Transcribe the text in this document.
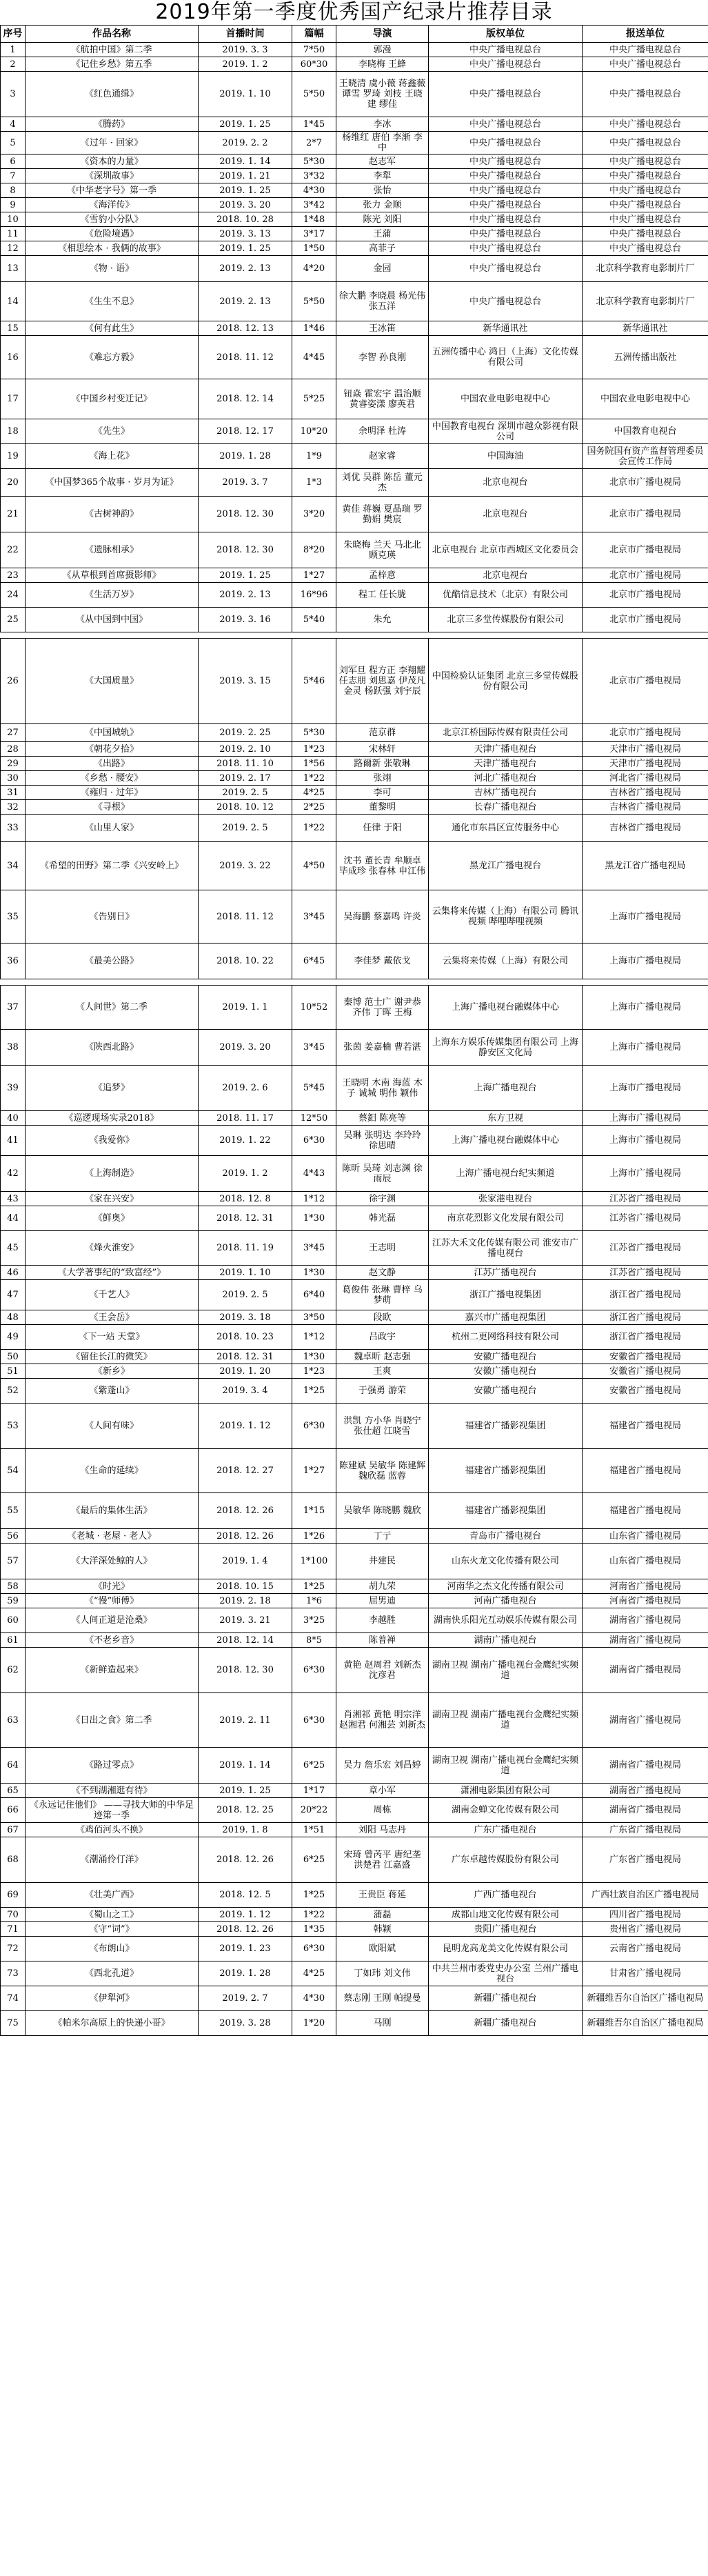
2019年第一季度优秀国产纪录片推荐目录
序号	作品名称	首播时间	篇幅	导演	版权单位	报送单位
1	《航拍中国》第二季	2019. 3. 3	7*50	郭漫	中央广播电视总台	中央广播电视总台
2	《记住乡愁》第五季	2019. 1. 2	60*30	李晓梅 王蜂	中央广播电视总台	中央广播电视总台
3	《红色通缉》	2019. 1. 10	5*50	王晓清 虞小薇 蒋鑫薇 谭雪 罗琦 刘枝 王晓建 缪佳	中央广播电视总台	中央广播电视总台
4	《腾药》	2019. 1. 25	1*45	李冰	中央广播电视总台	中央广播电视总台
5	《过年 · 回家》	2019. 2. 2	2*7	杨维红 唐伯 李渐 李中	中央广播电视总台	中央广播电视总台
6	《资本的力量》	2019. 1. 14	5*30	赵志军	中央广播电视总台	中央广播电视总台
7	《深圳故事》	2019. 1. 21	3*32	李犁	中央广播电视总台	中央广播电视总台
8	《中华老字号》第一季	2019. 1. 25	4*30	张怡	中央广播电视总台	中央广播电视总台
9	《海洋传》	2019. 3. 20	3*42	张力 金顺	中央广播电视总台	中央广播电视总台
10	《雪豹小分队》	2018. 10. 28	1*48	陈光 刘阳	中央广播电视总台	中央广播电视总台
11	《危险境遇》	2019. 3. 13	3*17	王蒲	中央广播电视总台	中央广播电视总台
12	《相思绘本 · 我俩的故事》	2019. 1. 25	1*50	高菲子	中央广播电视总台	中央广播电视总台
13	《物 · 语》	2019. 2. 13	4*20	金园	中央广播电视总台	北京科学教育电影制片厂
14	《生生不息》	2019. 2. 13	5*50	徐大鹏 李晓晨 杨光伟 张五洋	中央广播电视总台	北京科学教育电影制片厂
15	《何有此生》	2018. 12. 13	1*46	王冰笛	新华通讯社	新华通讯社
16	《难忘方毅》	2018. 11. 12	4*45	李智 孙良刚	五洲传播中心 鸿日（上海）文化传媒有限公司	五洲传播出版社
17	《中国乡村变迁记》	2018. 12. 14	5*25	钮焱 霍宏宇 温治顺 黄睿姿漾 廖英君	中国农业电影电视中心	中国农业电影电视中心
18	《先生》	2018. 12. 17	10*20	余明泽 杜涛	中国教育电视台 深圳市越众影视有限公司	中国教育电视台
19	《海上花》	2019. 1. 28	1*9	赵家睿	中国海油	国务院国有资产监督管理委员会宣传工作局
20	《中国梦365个故事 · 岁月为证》	2019. 3. 7	1*3	刘优 吴群 陈岳 董元杰	北京电视台	北京市广播电视局
21	《古树神韵》	2018. 12. 30	3*20	黄佳 蒋巍 夏晶瑞 罗勤娟 樊宸	北京电视台	北京市广播电视局
22	《遗脉相承》	2018. 12. 30	8*20	朱晓梅 兰天 马北北 顾克瑛	北京电视台 北京市西城区文化委员会	北京市广播电视局
23	《从草根到首席摄影师》	2019. 1. 25	1*27	孟梓意	北京电视台	北京市广播电视局
24	《生活万岁》	2019. 2. 13	16*96	程工 任长胧	优酷信息技术（北京）有限公司	北京市广播电视局
25	《从中国到中国》	2019. 3. 16	5*40	朱允	北京三多堂传媒股份有限公司	北京市广播电视局

26	《大国质量》	2019. 3. 15	5*46	刘军旦 程方正 李翔耀 任志朋 刘思嘉 伊茂凡 金灵 杨跃强 刘宇辰	中国检验认证集团 北京三多堂传媒股份有限公司	北京市广播电视局
27	《中国城轨》	2019. 2. 25	5*30	范京群	北京江桥国际传媒有限责任公司	北京市广播电视局
28	《朝花夕拾》	2019. 2. 10	1*23	宋林轩	天津广播电视台	天津市广播电视局
29	《出路》	2018. 11. 10	1*56	路爾新 张敬琳	天津广播电视台	天津市广播电视局
30	《乡愁 · 腰安》	2019. 2. 17	1*22	张翊	河北广播电视台	河北省广播电视局
31	《雍归 · 过年》	2019. 2. 5	4*25	李可	吉林广播电视台	吉林省广播电视局
32	《寻根》	2018. 10. 12	2*25	董黎明	长春广播电视台	吉林省广播电视局
33	《山里人家》	2019. 2. 5	1*22	任律 于阳	通化市东昌区宣传服务中心	吉林省广播电视局
34	《希望的田野》第二季《兴安岭上》	2019. 3. 22	4*50	沈书 董长青 牟顺卓 毕成珍 张春林 申江伟	黑龙江广播电视台	黑龙江省广播电视局
35	《告别日》	2018. 11. 12	3*45	吴海鹏 蔡嘉鸣 许炎	云集将来传媒（上海）有限公司 腾讯视频 哔哩哔哩视频	上海市广播电视局
36	《最美公路》	2018. 10. 22	6*45	李佳梦 戴依戈	云集将来传媒（上海）有限公司	上海市广播电视局

37	《人间世》第二季	2019. 1. 1	10*52	秦博 范士广 谢尹恭 齐伟 丁晖 王梅	上海广播电视台融媒体中心	上海市广播电视局
38	《陕西北路》	2019. 3. 20	3*45	张茵 姜嘉楠 曹若湛	上海东方娱乐传媒集团有限公司 上海静安区文化局	上海市广播电视局
39	《追梦》	2019. 2. 6	5*45	王晓明 木南 海蓝 木子 诚城 明伟 颖伟	上海广播电视台	上海市广播电视局
40	《巡逻现场实录2018》	2018. 11. 17	12*50	蔡鈤 陈亮等	东方卫视	上海市广播电视局
41	《我爱你》	2019. 1. 22	6*30	吴琳 张明达 李玲玲 徐思晴	上海广播电视台融媒体中心	上海市广播电视局
42	《上海制造》	2019. 1. 2	4*43	陈昕 吴琦 刘志渊 徐雨辰	上海广播电视台纪实频道	上海市广播电视局
43	《家在兴安》	2018. 12. 8	1*12	徐宇渊	张家港电视台	江苏省广播电视局
44	《鲜奥》	2018. 12. 31	1*30	韩光磊	南京花烈影文化发展有限公司	江苏省广播电视局
45	《烽火淮安》	2018. 11. 19	3*45	王志明	江苏大禾文化传媒有限公司 淮安市广播电视台	江苏省广播电视局
46	《大学著事纪的“致富经”》	2019. 1. 10	1*30	赵文静	江苏广播电视台	江苏省广播电视局
47	《千艺人》	2019. 2. 5	6*40	葛俊伟 张琳 曹梓 乌梦萌	浙江广播电视集团	浙江省广播电视局
48	《王会岳》	2019. 3. 18	3*50	段欧	嘉兴市广播电视集团	浙江省广播电视局
49	《下一站 天堂》	2018. 10. 23	1*12	吕政宇	杭州二更网络科技有限公司	浙江省广播电视局
50	《留住长江的微笑》	2018. 12. 31	1*30	魏卓昕 赵志强	安徽广播电视台	安徽省广播电视局
51	《新乡》	2019. 1. 20	1*23	王爽	安徽广播电视台	安徽省广播电视局
52	《紫蓬山》	2019. 3. 4	1*25	于强勇 游荣	安徽广播电视台	安徽省广播电视局
53	《人间有味》	2019. 1. 12	6*30	洪凯 方小华 肖晓宁 张仕超 江晓雪	福建省广播影视集团	福建省广播电视局
54	《生命的延续》	2018. 12. 27	1*27	陈建斌 吴敏华 陈建辉 魏欣磊 蓝蓉	福建省广播影视集团	福建省广播电视局
55	《最后的集体生活》	2018. 12. 26	1*15	吴敏华 陈晓鹏 魏欣	福建省广播影视集团	福建省广播电视局
56	《老城 · 老屋 · 老人》	2018. 12. 26	1*26	丁亍	青岛市广播电视台	山东省广播电视局
57	《大洋深处鲸的人》	2019. 1. 4	1*100	井建民	山东火龙文化传播有限公司	山东省广播电视局
58	《时光》	2018. 10. 15	1*25	胡九荣	河南华之杰文化传播有限公司	河南省广播电视局
59	《“慢”师傅》	2019. 2. 18	1*6	屈男迪	河南广播电视台	河南省广播电视局
60	《人间正道是沧桑》	2019. 3. 21	3*25	李越胜	湖南快乐阳光互动娱乐传媒有限公司	湖南省广播电视局
61	《不老乡音》	2018. 12. 14	8*5	陈普禅	湖南广播电视台	湖南省广播电视局
62	《新鲜造起来》	2018. 12. 30	6*30	黄艳 赵周君 刘新杰 沈彦君	湖南卫视 湖南广播电视台金鹰纪实频道	湖南省广播电视局
63	《日出之食》第二季	2019. 2. 11	6*30	肖湘祁 黄艳 明宗洋 赵湘君 何湘芸 刘新杰	湖南卫视 湖南广播电视台金鹰纪实频道	湖南省广播电视局
64	《路过零点》	2019. 1. 14	6*25	吴力 詹乐宏 刘昌婷	湖南卫视 湖南广播电视台金鹰纪实频道	湖南省广播电视局
65	《不到湖湘逛有待》	2019. 1. 25	1*17	章小军	潇湘电影集团有限公司	湖南省广播电视局
66	《永远记住他们》 ——寻找大师的中华足迹第一季	2018. 12. 25	20*22	周栋	湖南金蝉文化传媒有限公司	湖南省广播电视局
67	《鸡佰河头不换》	2019. 1. 8	1*51	刘阳 马志丹	广东广播电视台	广东省广播电视局
68	《潮涌伶仃洋》	2018. 12. 26	6*25	宋琦 曾芮平 唐纪垄 洪楚君 江嘉盛	广东卓越传媒股份有限公司	广东省广播电视局
69	《壮美广西》	2018. 12. 5	1*25	王贵臣 蒋延	广西广播电视台	广西壮族自治区广播电视局
70	《蜀山之工》	2019. 1. 12	1*22	蒲磊	成都山地文化传媒有限公司	四川省广播电视局
71	《守“词”》	2018. 12. 26	1*35	韩颖	贵阳广播电视台	贵州省广播电视局
72	《布朗山》	2019. 1. 23	6*30	欧阳斌	昆明龙高龙美文化传媒有限公司	云南省广播电视局
73	《西北孔道》	2019. 1. 28	4*25	丁如玮 刘文伟	中共兰州市委党史办公室 兰州广播电视台	甘肃省广播电视局
74	《伊犁河》	2019. 2. 7	4*30	蔡志刚 王刚 帕提曼	新疆广播电视台	新疆维吾尔自治区广播电视局
75	《帕米尔高原上的快递小哥》	2019. 3. 28	1*20	马刚	新疆广播电视台	新疆维吾尔自治区广播电视局
